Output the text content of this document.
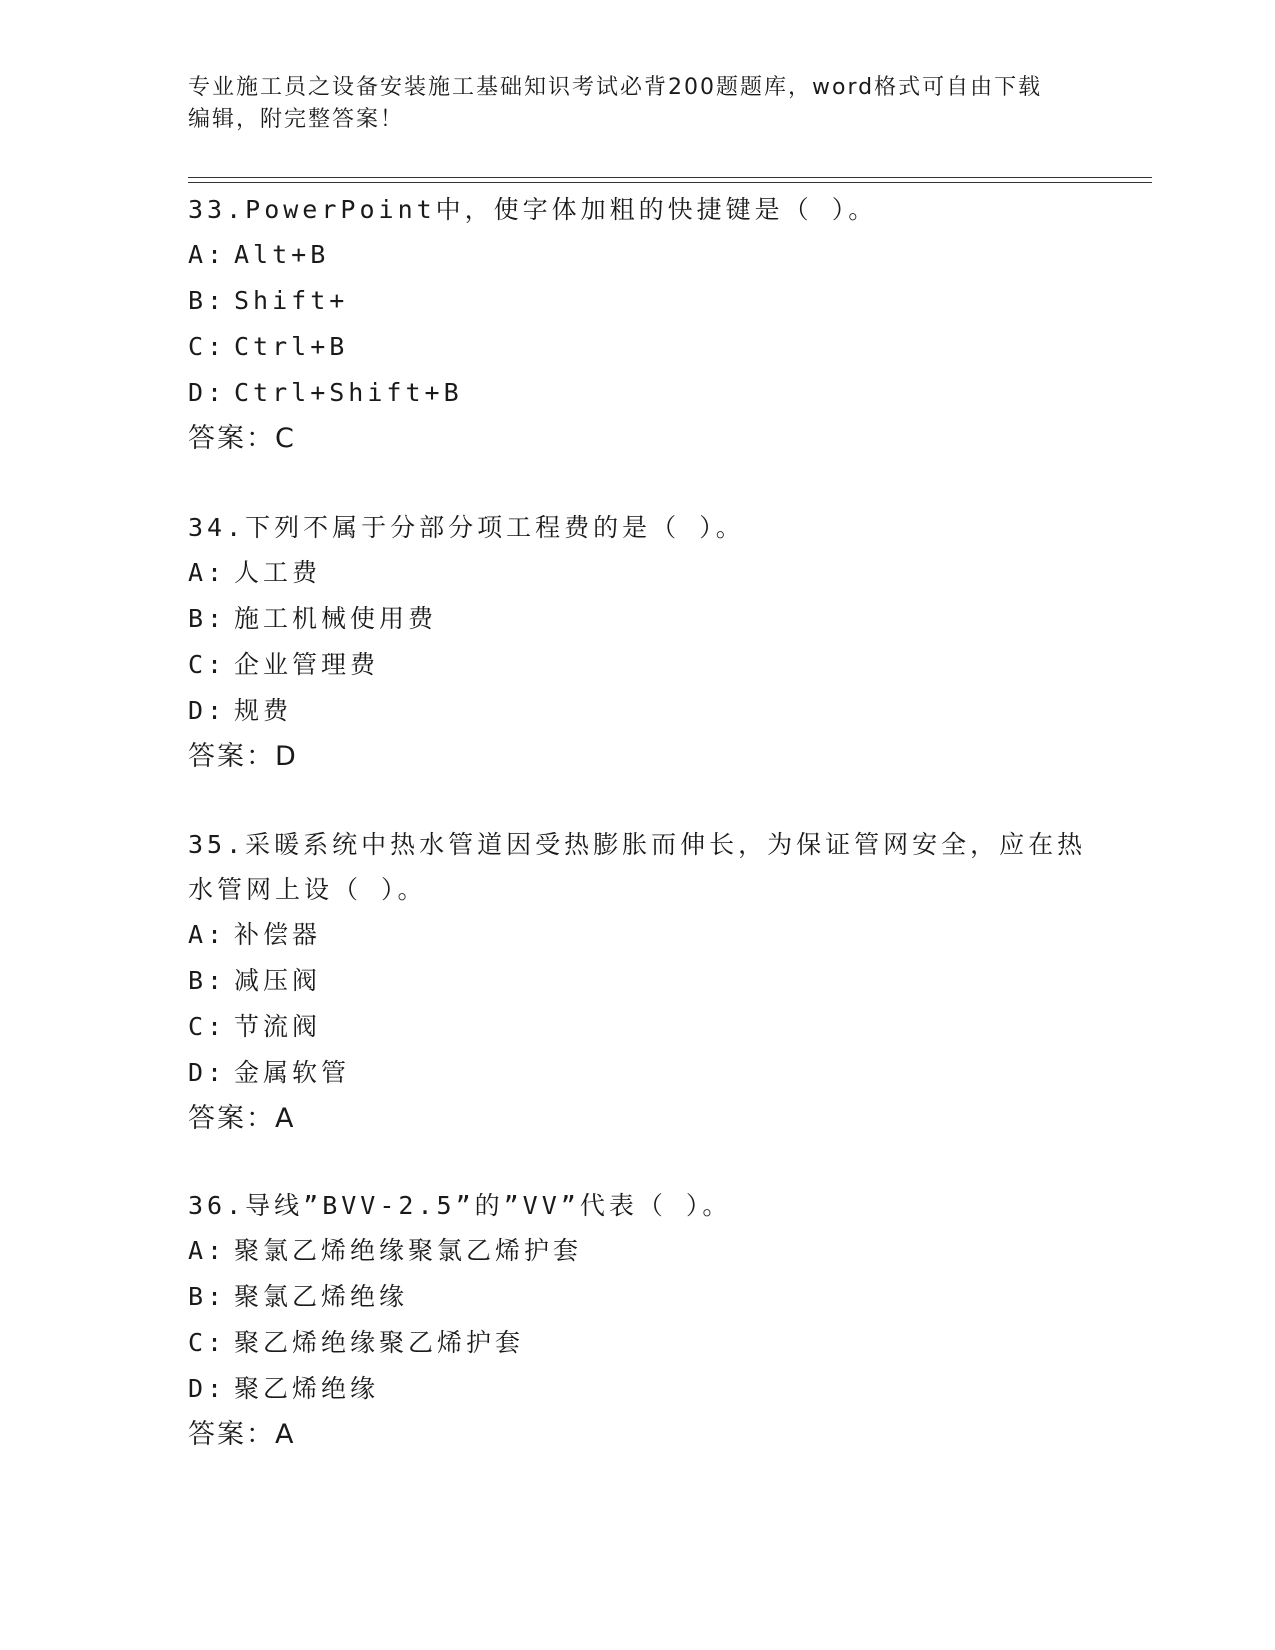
专业施工员之设备安装施工基础知识考试必背200题题库，word格式可自由下载
编辑，附完整答案！
33.PowerPoint中，使字体加粗的快捷键是（ ）。
A: Alt+B
B: Shift+
C: Ctrl+B
D: Ctrl+Shift+B
答案：C
34.下列不属于分部分项工程费的是（ ）。
A: 人工费
B: 施工机械使用费
C: 企业管理费
D: 规费
答案：D
35.采暖系统中热水管道因受热膨胀而伸长，为保证管网安全，应在热
水管网上设（ ）。
A: 补偿器
B: 减压阀
C: 节流阀
D: 金属软管
答案：A
36.导线”BVV-2.5”的”VV”代表（ ）。
A: 聚氯乙烯绝缘聚氯乙烯护套
B: 聚氯乙烯绝缘
C: 聚乙烯绝缘聚乙烯护套
D: 聚乙烯绝缘
答案：A
